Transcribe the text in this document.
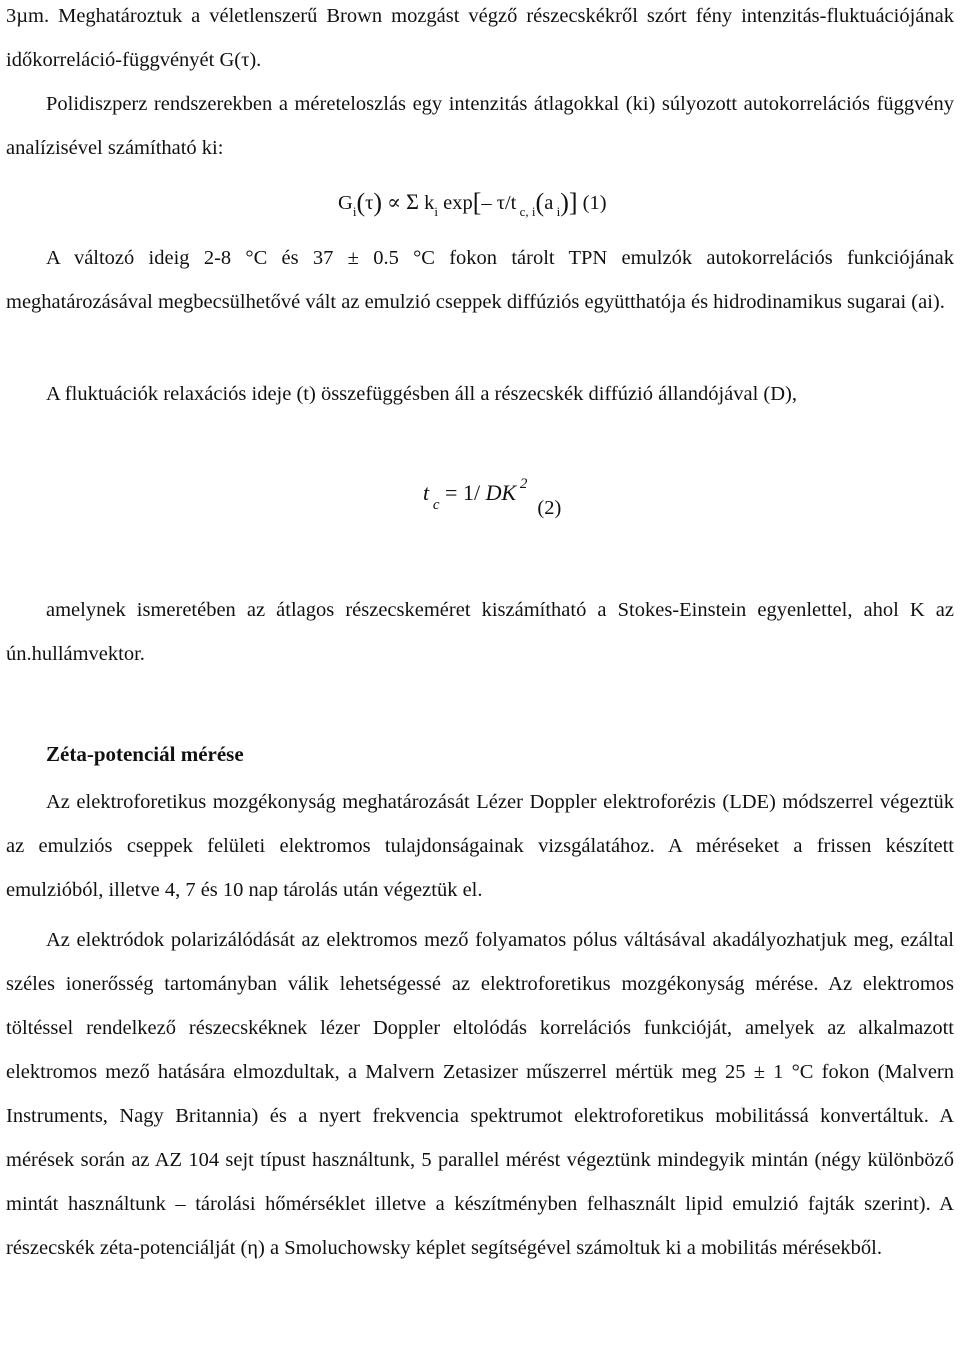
3µm. Meghatároztuk a véletlenszerű Brown mozgást végző részecskékről szórt fény intenzitás-fluktuációjának időkorreláció-függvényét G(τ).

Polidiszperz rendszerekben a méreteloszlás egy intenzitás átlagokkal (ki) súlyozott autokorrelációs függvény analízisével számítható ki:

$G_i(\tau) \propto \Sigma$ $k_i$ exp[– τ/t $_{c, i}$(a $_i$)] (1)

A változó ideig 2-8 °C és 37 ± 0.5 °C fokon tárolt TPN emulzók autokorrelációs funkciójának meghatározásával megbecsülhetővé vált az emulzió cseppek diffúziós együtthatója és hidrodinamikus sugarai (ai).

A fluktuációk relaxációs ideje (t) összefüggésben áll a részecskék diffúzió állandójával (D),

t $_c$ = 1/ DK $^2$(2)

amelynek ismeretében az átlagos részecskeméret kiszámítható a Stokes-Einstein egyenlettel, ahol K az ún.hullámvektor.

Zéta-potenciál mérése

Az elektroforetikus mozgékonyság meghatározását Lézer Doppler elektroforézis (LDE) módszerrel végeztük az emulziós cseppek felületi elektromos tulajdonságainak vizsgálatához. A méréseket a frissen készített emulzióból, illetve 4, 7 és 10 nap tárolás után végeztük el.

Az elektródok polarizálódását az elektromos mező folyamatos pólus váltásával akadályozhatjuk meg, ezáltal széles ionerősség tartományban válik lehetségessé az elektroforetikus mozgékonyság mérése. Az elektromos töltéssel rendelkező részecskéknek lézer Doppler eltolódás korrelációs funkcióját, amelyek az alkalmazott elektromos mező hatására elmozdultak, a Malvern Zetasizer műszerrel mértük meg 25 ± 1 °C fokon (Malvern Instruments, Nagy Britannia) és a nyert frekvencia spektrumot elektroforetikus mobilitássá konvertáltuk. A mérések során az AZ 104 sejt típust használtunk, 5 parallel mérést végeztünk mindegyik mintán (négy különböző mintát használtunk – tárolási hőmérséklet illetve a készítményben felhasznált lipid emulzió fajták szerint). A részecskék zéta-potenciálját (η) a Smoluchowsky képlet segítségével számoltuk ki a mobilitás mérésekből.
